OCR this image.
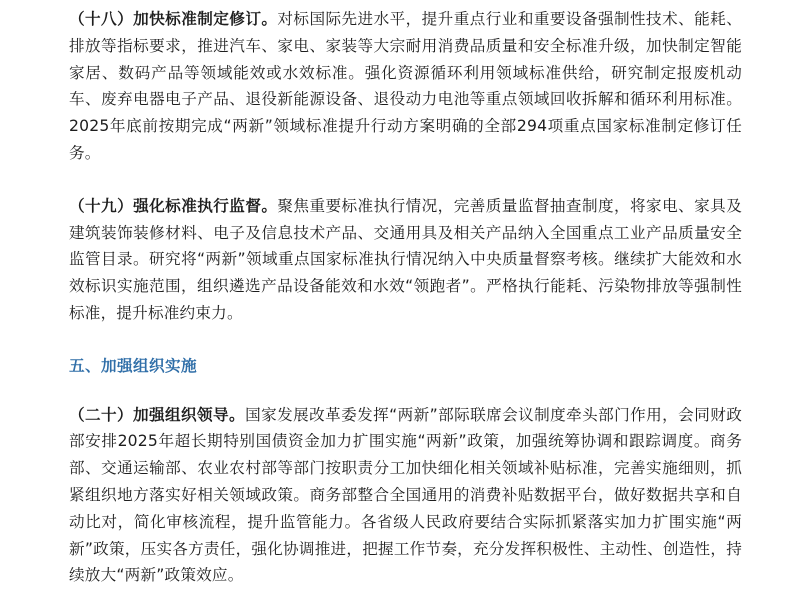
（十八）加快标准制定修订。对标国际先进水平，提升重点行业和重要设备强制性技术、能耗、排放等指标要求，推进汽车、家电、家装等大宗耐用消费品质量和安全标准升级，加快制定智能家居、数码产品等领域能效或水效标准。强化资源循环利用领域标准供给，研究制定报废机动车、废弃电器电子产品、退役新能源设备、退役动力电池等重点领域回收拆解和循环利用标准。2025年底前按期完成“两新”领域标准提升行动方案明确的全部294项重点国家标准制定修订任务。

（十九）强化标准执行监督。聚焦重要标准执行情况，完善质量监督抽查制度，将家电、家具及建筑装饰装修材料、电子及信息技术产品、交通用具及相关产品纳入全国重点工业产品质量安全监管目录。研究将“两新”领域重点国家标准执行情况纳入中央质量督察考核。继续扩大能效和水效标识实施范围，组织遴选产品设备能效和水效“领跑者”。严格执行能耗、污染物排放等强制性标准，提升标准约束力。

五、加强组织实施

（二十）加强组织领导。国家发展改革委发挥“两新”部际联席会议制度牵头部门作用，会同财政部安排2025年超长期特别国债资金加力扩围实施“两新”政策，加强统筹协调和跟踪调度。商务部、交通运输部、农业农村部等部门按职责分工加快细化相关领域补贴标准，完善实施细则，抓紧组织地方落实好相关领域政策。商务部整合全国通用的消费补贴数据平台，做好数据共享和自动比对，简化审核流程，提升监管能力。各省级人民政府要结合实际抓紧落实加力扩围实施“两新”政策，压实各方责任，强化协调推进，把握工作节奏，充分发挥积极性、主动性、创造性，持续放大“两新”政策效应。
